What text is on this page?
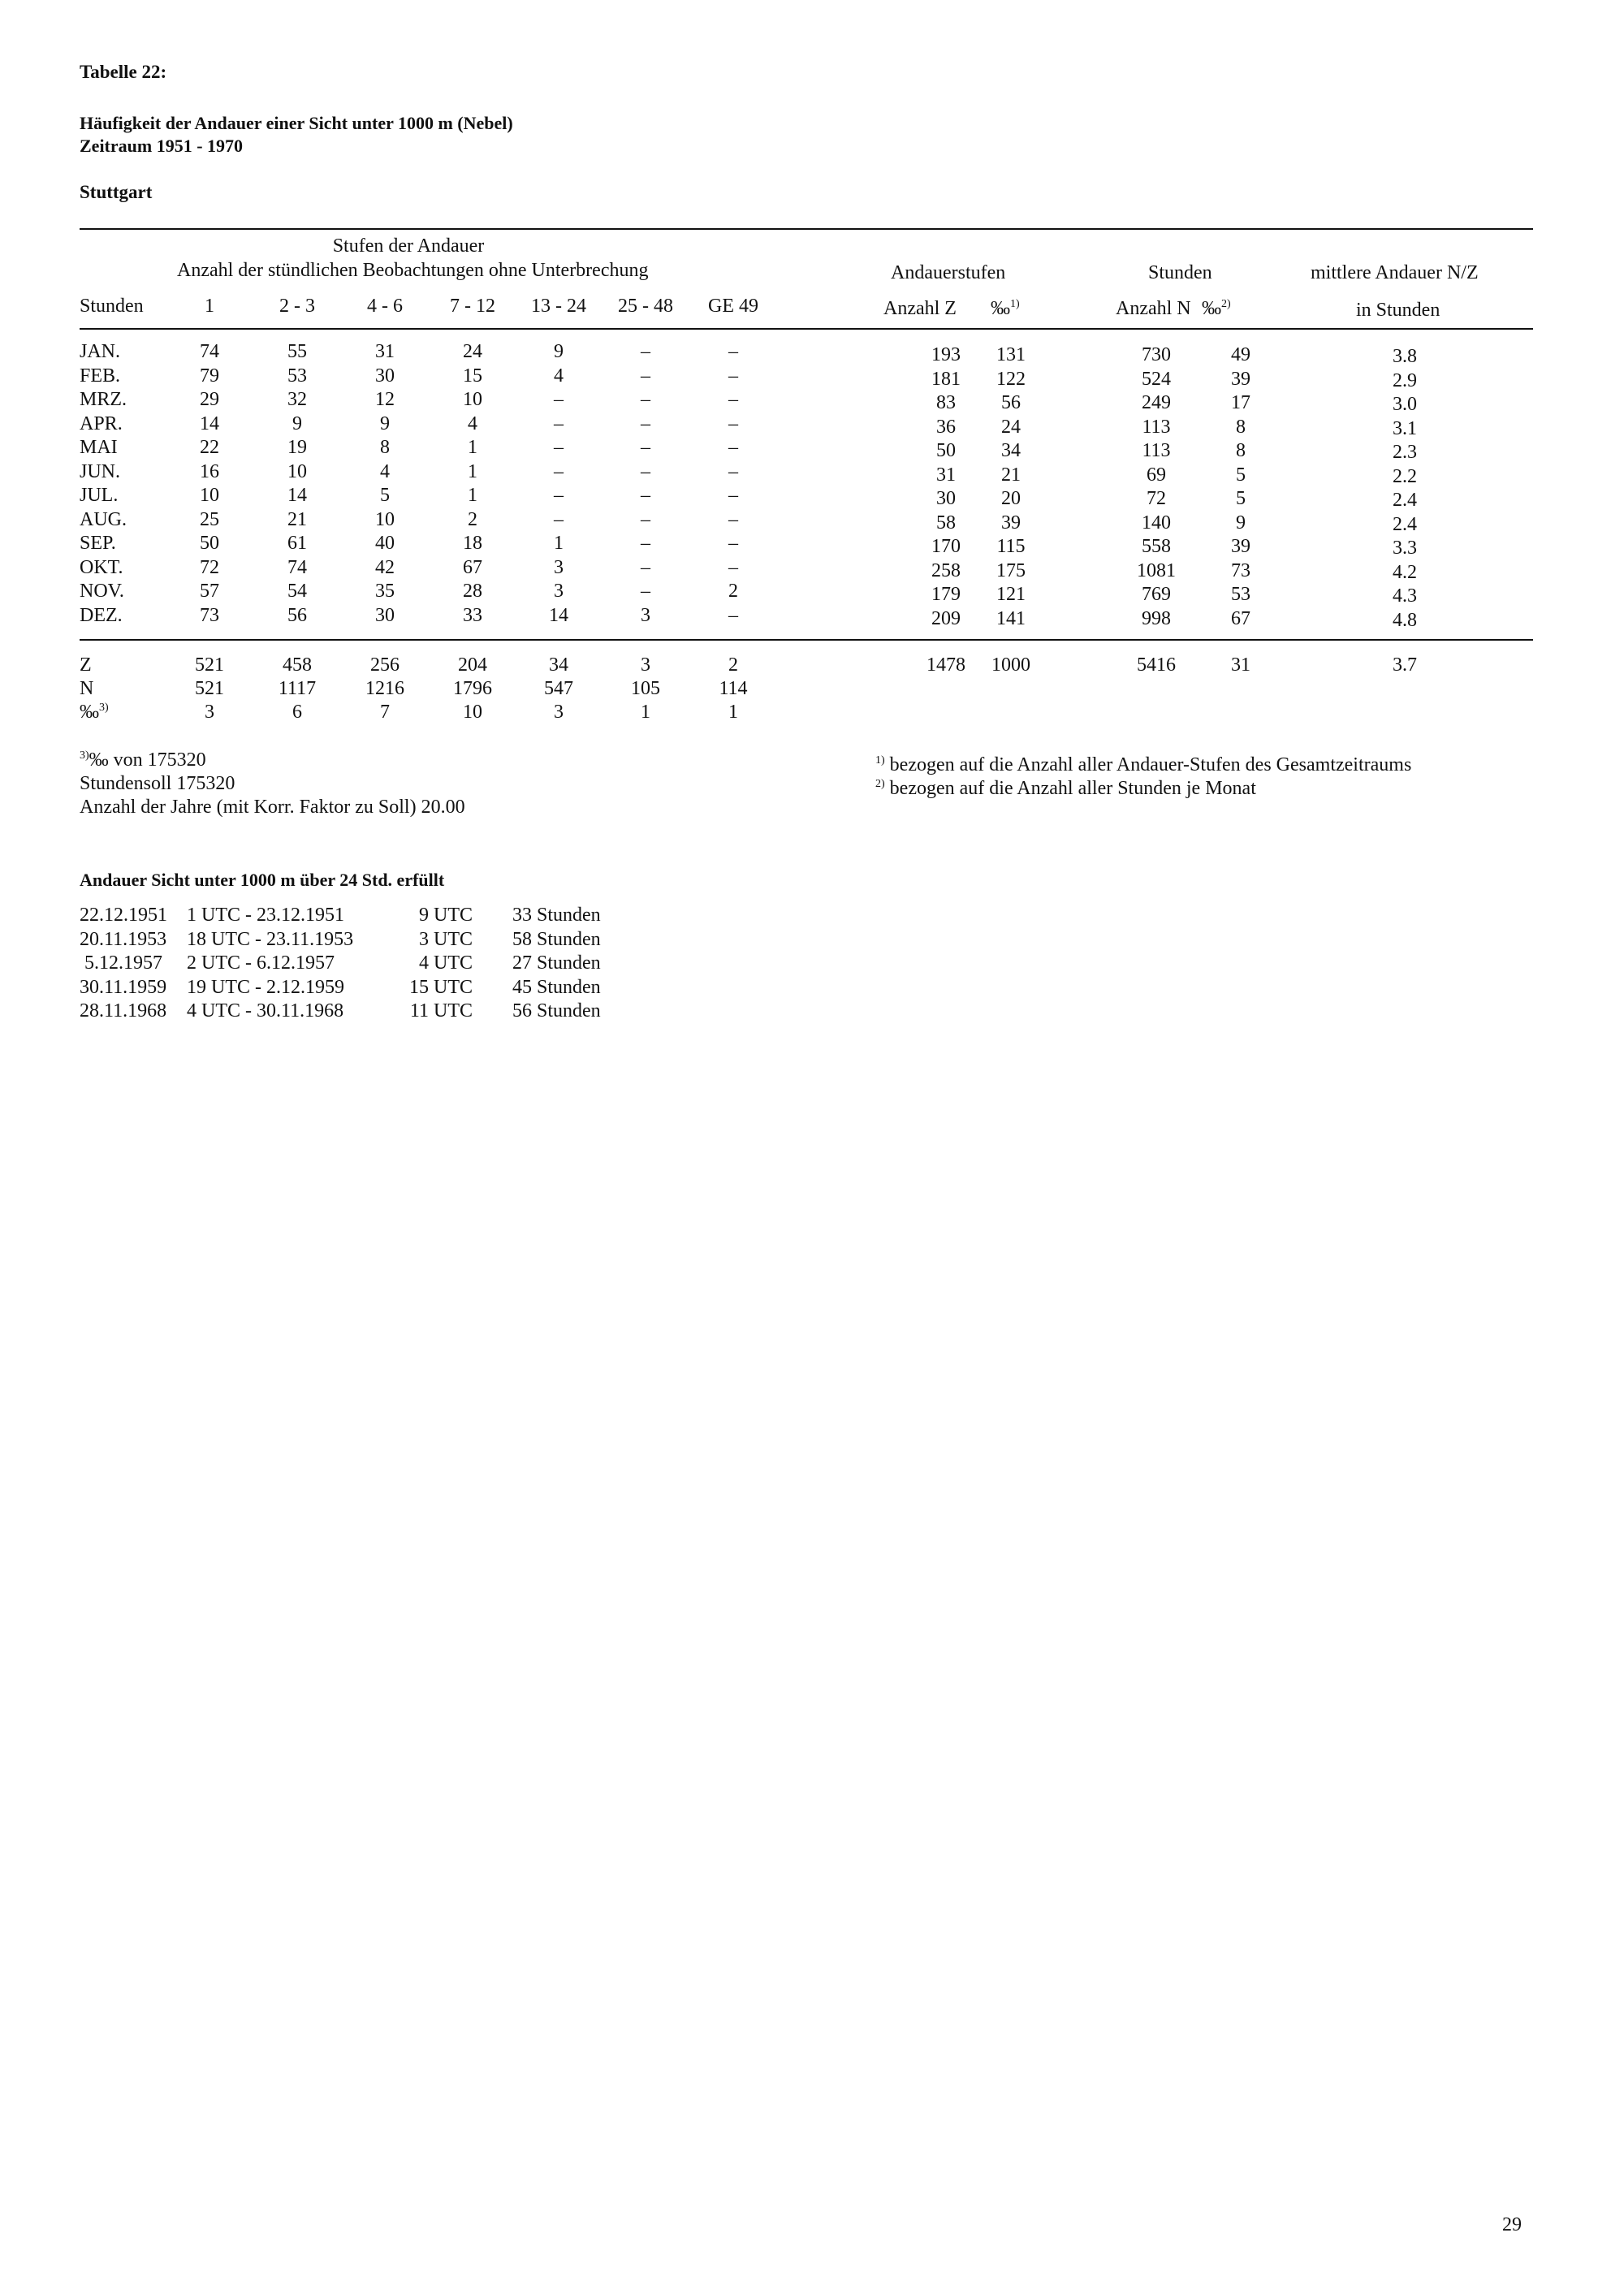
Tabelle 22:
Häufigkeit der Andauer einer Sicht unter 1000 m (Nebel)
Zeitraum 1951 - 1970
Stuttgart
Stufen der Andauer
Anzahl der stündlichen Beobachtungen ohne Unterbrechung	Andauerstufen	Stunden	mittlere Andauer N/Z
Stunden	1	2 - 3	4 - 6	7 - 12	13 - 24	25 - 48	GE 49	Anzahl Z ‰$^{1)}$	Anzahl N ‰$^{2)}$	in Stunden
JAN.	74	55	31	24	9	–	–	193	131	730	49	3.8
FEB.	79	53	30	15	4	–	–	181	122	524	39	2.9
MRZ.	29	32	12	10	–	–	–	83	56	249	17	3.0
APR.	14	9	9	4	–	–	–	36	24	113	8	3.1
MAI	22	19	8	1	–	–	–	50	34	113	8	2.3
JUN.	16	10	4	1	–	–	–	31	21	69	5	2.2
JUL.	10	14	5	1	–	–	–	30	20	72	5	2.4
AUG.	25	21	10	2	–	–	–	58	39	140	9	2.4
SEP.	50	61	40	18	1	–	–	170	115	558	39	3.3
OKT.	72	74	42	67	3	–	–	258	175	1081	73	4.2
NOV.	57	54	35	28	3	–	2	179	121	769	53	4.3
DEZ.	73	56	30	33	14	3	–	209	141	998	67	4.8
Z	521	458	256	204	34	3	2	1478	1000	5416	31	3.7
N	521	1117	1216	1796	547	105	114
‰$^{3)}$	3	6	7	10	3	1	1
$^{3)}$‰ von 175320
Stundensoll 175320
Anzahl der Jahre (mit Korr. Faktor zu Soll) 20.00
$^{1)}$ bezogen auf die Anzahl aller Andauer-Stufen des Gesamtzeitraums
$^{2)}$ bezogen auf die Anzahl aller Stunden je Monat
Andauer Sicht unter 1000 m über 24 Std. erfüllt
22.12.1951 1 UTC - 23.12.1951	9 UTC 33 Stunden
20.11.1953 18 UTC - 23.11.1953	3 UTC 58 Stunden
5.12.1957 2 UTC - 6.12.1957	4 UTC 27 Stunden
30.11.1959 19 UTC - 2.12.1959	15 UTC 45 Stunden
28.11.1968 4 UTC - 30.11.1968	11 UTC 56 Stunden
29
